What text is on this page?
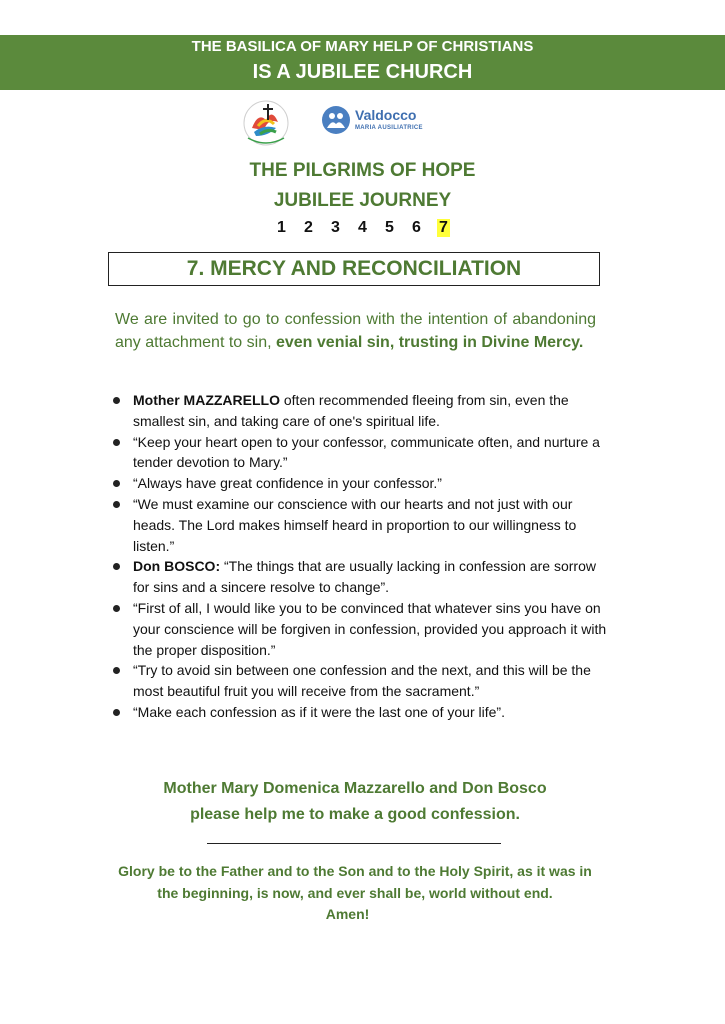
THE BASILICA OF MARY HELP OF CHRISTIANS
IS A JUBILEE CHURCH
Valdocco
MARIA AUSILIATRICE
THE PILGRIMS OF HOPE
JUBILEE JOURNEY
1 2 3 4 5 6 7
7. MERCY AND RECONCILIATION
We are invited to go to confession with the intention of abandoning any attachment to sin, even venial sin, trusting in Divine Mercy.
Mother MAZZARELLO often recommended fleeing from sin, even the smallest sin, and taking care of one's spiritual life.
“Keep your heart open to your confessor, communicate often, and nurture a tender devotion to Mary.”
“Always have great confidence in your confessor.”
“We must examine our conscience with our hearts and not just with our heads. The Lord makes himself heard in proportion to our willingness to listen.”
Don BOSCO: “The things that are usually lacking in confession are sorrow for sins and a sincere resolve to change”.
“First of all, I would like you to be convinced that whatever sins you have on your conscience will be forgiven in confession, provided you approach it with the proper disposition.”
“Try to avoid sin between one confession and the next, and this will be the most beautiful fruit you will receive from the sacrament.”
“Make each confession as if it were the last one of your life”.
Mother Mary Domenica Mazzarello and Don Bosco
please help me to make a good confession.
Glory be to the Father and to the Son and to the Holy Spirit, as it was in the beginning, is now, and ever shall be, world without end.
Amen!
